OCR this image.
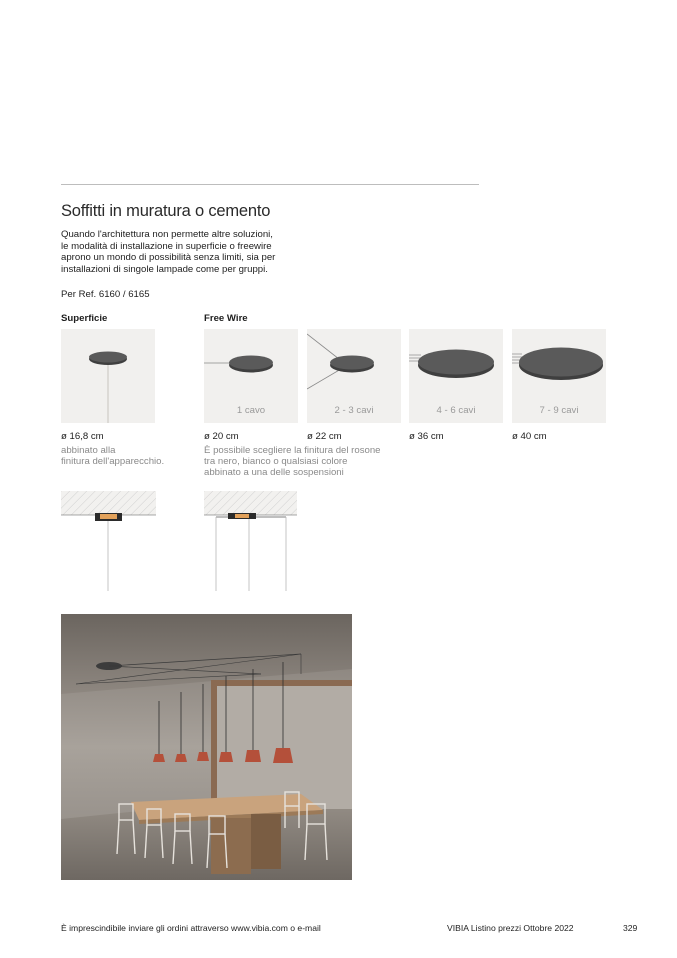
Soffitti in muratura o cemento
Quando l'architettura non permette altre soluzioni,
le modalità di installazione in superficie o freewire
aprono un mondo di possibilità senza limiti, sia per
installazioni di singole lampade come per gruppi.
Per Ref. 6160 / 6165
Superficie	Free Wire
1 cavo	2 - 3 cavi	4 - 6 cavi	7 - 9 cavi
ø 16,8 cm	ø 20 cm	ø 22 cm	ø 36 cm	ø 40 cm
abbinato alla
finitura dell'apparecchio.
È possibile scegliere la finitura del rosone
tra nero, bianco o qualsiasi colore
abbinato a una delle sospensioni
È imprescindibile inviare gli ordini attraverso www.vibia.com o e-mail	VIBIA Listino prezzi Ottobre 2022	329
